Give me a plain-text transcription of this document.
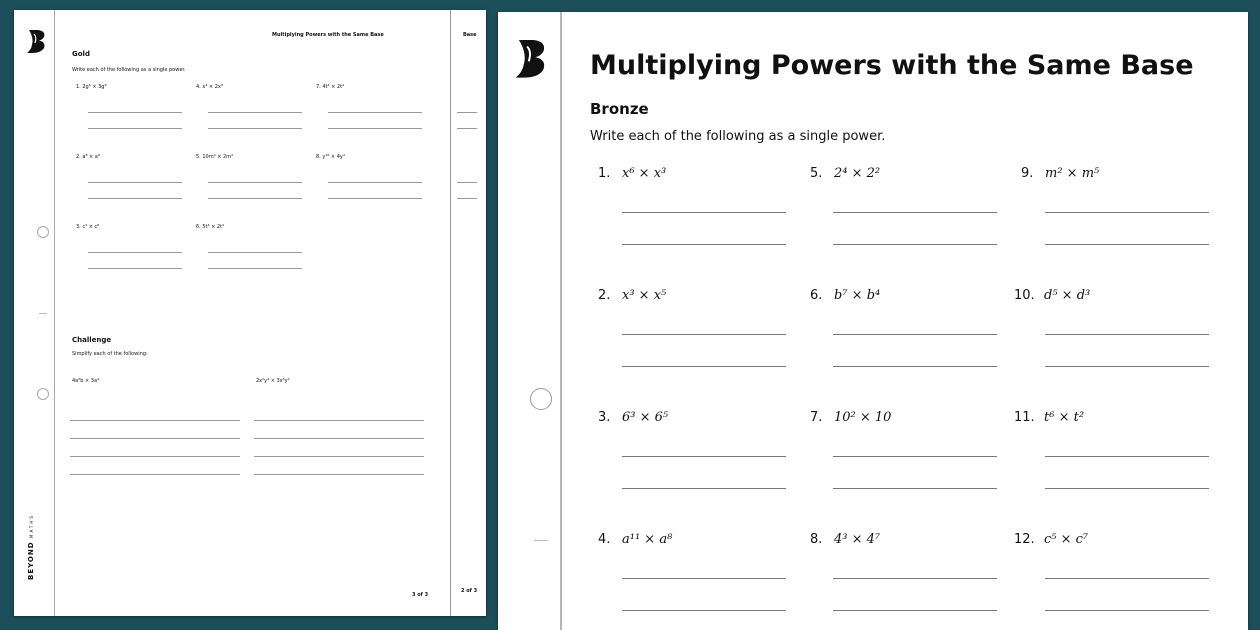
Base
2 of 3
Multiplying Powers with the Same Base
Gold
Write each of the following as a single power.
1. 2g⁶ × 3g⁸
2. a⁸ × a⁸
3. c⁴ × c⁸
4. x⁴ × 2x⁴
5. 10m⁶ × 2m⁴
6. 5t⁴ × 2t⁴
7. 4t⁴ × 2t⁴
8. y¹⁶ × 4y⁴
Challenge
Simplify each of the following:
4a²b × 3a⁴	2x²y⁴ × 3x³y⁴
BEYOND MATHS
3 of 3
Multiplying Powers with the Same Base
Bronze
Write each of the following as a single power.
1. x⁶ × x³
2. x³ × x⁵
3. 6³ × 6⁵
4. a¹¹ × a⁸
5. 2⁴ × 2²
6. b⁷ × b⁴
7. 10² × 10
8. 4³ × 4⁷
9. m² × m⁵
10. d⁵ × d³
11. t⁶ × t²
12. c⁵ × c⁷
